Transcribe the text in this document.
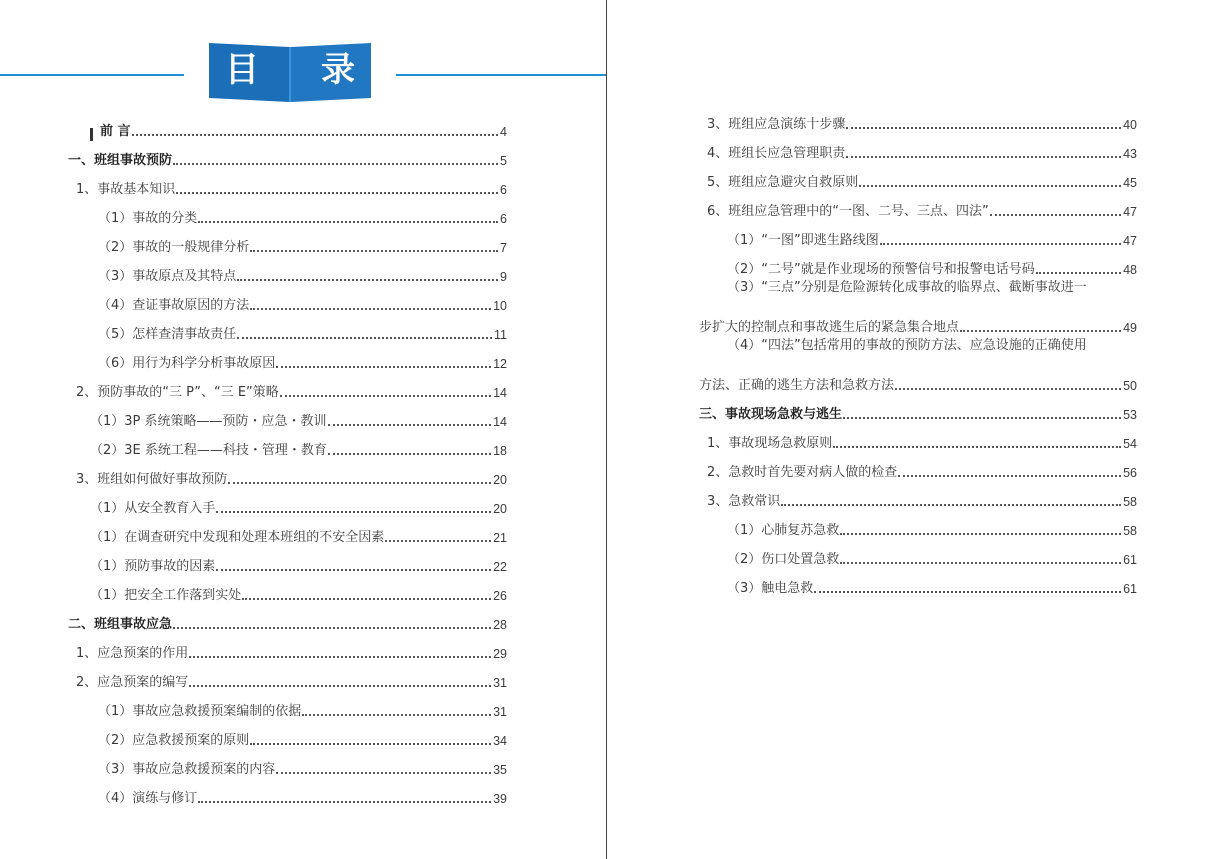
目 录
前 言	4
一、班组事故预防	5
1、事故基本知识	6
（1）事故的分类	6
（2）事故的一般规律分析	7
（3）事故原点及其特点	9
（4）查证事故原因的方法	10
（5）怎样查清事故责任	11
（6）用行为科学分析事故原因	12
2、预防事故的“三 P”、“三 E”策略	14
（1）3P 系统策略——预防・应急・教训	14
（2）3E 系统工程——科技・管理・教育	18
3、班组如何做好事故预防	20
（1）从安全教育入手	20
（1）在调查研究中发现和处理本班组的不安全因素	21
（1）预防事故的因素	22
（1）把安全工作落到实处	26
二、班组事故应急	28
1、应急预案的作用	29
2、应急预案的编写	31
（1）事故应急救援预案编制的依据	31
（2）应急救援预案的原则	34
（3）事故应急救援预案的内容	35
（4）演练与修订	39
3、班组应急演练十步骤	40
4、班组长应急管理职责	43
5、班组应急避灾自救原则	45
6、班组应急管理中的“一图、二号、三点、四法”	47
（1）“一图”即逃生路线图	47
（2）“二号”就是作业现场的预警信号和报警电话号码	48
（3）“三点”分别是危险源转化成事故的临界点、截断事故进一
步扩大的控制点和事故逃生后的紧急集合地点	49
（4）“四法”包括常用的事故的预防方法、应急设施的正确使用
方法、正确的逃生方法和急救方法	50
三、事故现场急救与逃生	53
1、事故现场急救原则	54
2、急救时首先要对病人做的检查	56
3、急救常识	58
（1）心肺复苏急救	58
（2）伤口处置急救	61
（3）触电急救	61
